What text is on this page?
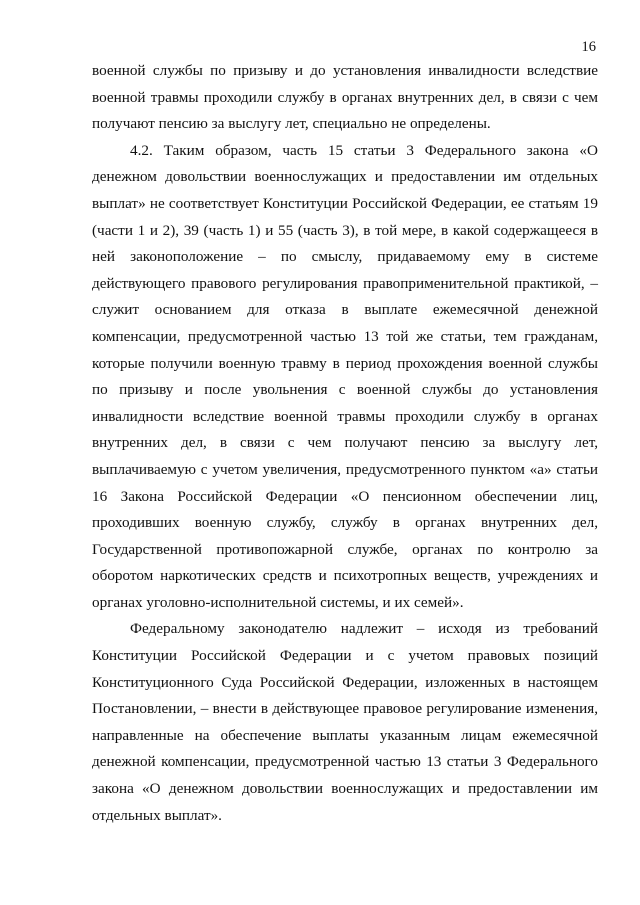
16
военной службы по призыву и до установления инвалидности вследствие
военной травмы проходили службу в органах внутренних дел, в связи с чем
получают пенсию за выслугу лет, специально не определены.
4.2. Таким образом, часть 15 статьи 3 Федерального закона «О
денежном довольствии военнослужащих и предоставлении им отдельных
выплат» не соответствует Конституции Российской Федерации, ее статьям 19
(части 1 и 2), 39 (часть 1) и 55 (часть 3), в той мере, в какой содержащееся в
ней законоположение – по смыслу, придаваемому ему в системе
действующего правового регулирования правоприменительной практикой, –
служит основанием для отказа в выплате ежемесячной денежной
компенсации, предусмотренной частью 13 той же статьи, тем гражданам,
которые получили военную травму в период прохождения военной службы
по призыву и после увольнения с военной службы до установления
инвалидности вследствие военной травмы проходили службу в органах
внутренних дел, в связи с чем получают пенсию за выслугу лет,
выплачиваемую с учетом увеличения, предусмотренного пунктом «а» статьи
16 Закона Российской Федерации «О пенсионном обеспечении лиц,
проходивших военную службу, службу в органах внутренних дел,
Государственной противопожарной службе, органах по контролю за
оборотом наркотических средств и психотропных веществ, учреждениях и
органах уголовно-исполнительной системы, и их семей».
Федеральному законодателю надлежит – исходя из требований
Конституции Российской Федерации и с учетом правовых позиций
Конституционного Суда Российской Федерации, изложенных в настоящем
Постановлении, – внести в действующее правовое регулирование изменения,
направленные на обеспечение выплаты указанным лицам ежемесячной
денежной компенсации, предусмотренной частью 13 статьи 3 Федерального
закона «О денежном довольствии военнослужащих и предоставлении им
отдельных выплат».
